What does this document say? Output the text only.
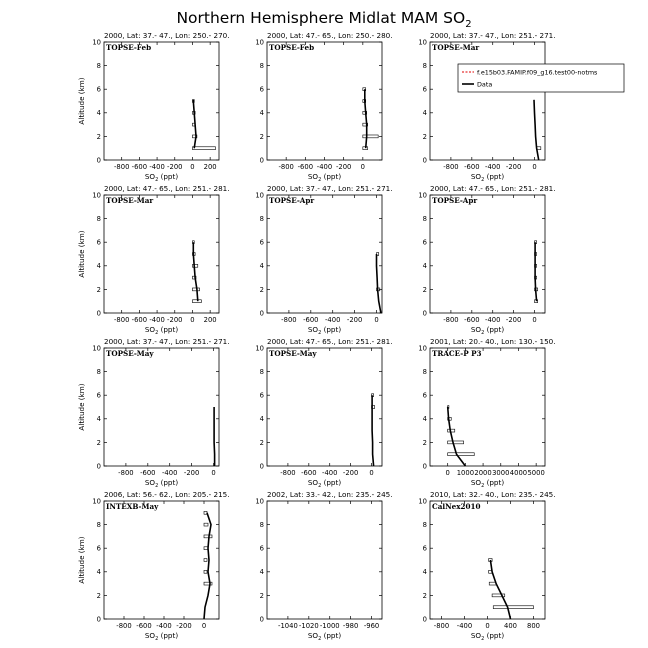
Northern Hemisphere Midlat MAM $SO_2$
2000, Lat: 37.- 47., Lon: 250.- 270.
-800 -600 -400 -200 0 200
0
2
4
6
8
10
$SO_2$ (ppt)
Altitude (km)
TOPSE-Feb
2000, Lat: 47.- 65., Lon: 250.- 280.
-800 -600 -400 -200 0
0
2
4
6
8
10
$SO_2$ (ppt)
TOPSE-Feb
2000, Lat: 37.- 47., Lon: 251.- 271.
-800 -600 -400 -200 0
0
2
4
6
8
10
$SO_2$ (ppt)
TOPSE-Mar
f.e15b03.FAMIP.f09_g16.test00-notms
Data
2000, Lat: 47.- 65., Lon: 251.- 281.
-800 -600 -400 -200 0 200
0
2
4
6
8
10
$SO_2$ (ppt)
Altitude (km)
TOPSE-Mar
2000, Lat: 37.- 47., Lon: 251.- 271.
-800 -600 -400 -200 0
0
2
4
6
8
10
$SO_2$ (ppt)
TOPSE-Apr
2000, Lat: 47.- 65., Lon: 251.- 281.
-800 -600 -400 -200 0
0
2
4
6
8
10
$SO_2$ (ppt)
TOPSE-Apr
2000, Lat: 37.- 47., Lon: 251.- 271.
-800 -600 -400 -200 0
0
2
4
6
8
10
$SO_2$ (ppt)
Altitude (km)
TOPSE-May
2000, Lat: 47.- 65., Lon: 251.- 281.
-800 -600 -400 -200 0
0
2
4
6
8
10
$SO_2$ (ppt)
TOPSE-May
2001, Lat: 20.- 40., Lon: 130.- 150.
0 1000 2000 3000 4000 5000
0
2
4
6
8
10
$SO_2$ (ppt)
TRACE-P P3
2006, Lat: 56.- 62., Lon: 205.- 215.
-800 -600 -400 -200 0
0
2
4
6
8
10
$SO_2$ (ppt)
Altitude (km)
INTEXB-May
2002, Lat: 33.- 42., Lon: 235.- 245.
-1040 -1020 -1000 -980 -960
0
2
4
6
8
10
$SO_2$ (ppt)
2010, Lat: 32.- 40., Lon: 235.- 245.
-800 -400 0 400 800
0
2
4
6
8
10
$SO_2$ (ppt)
CalNex2010
